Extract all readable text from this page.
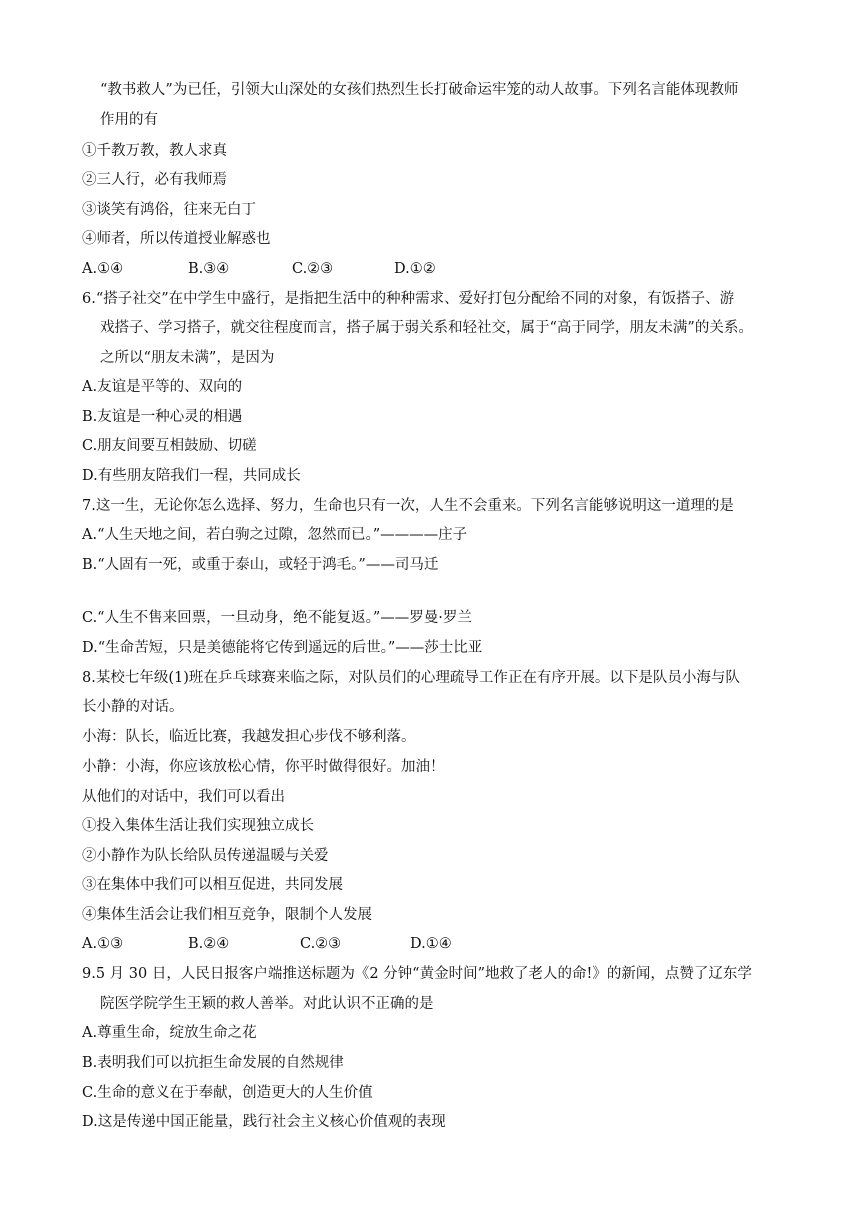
“教书救人”为已任，引领大山深处的女孩们热烈生长打破命运牢笼的动人故事。下列名言能体现教师
作用的有
①千教万教，教人求真
②三人行，必有我师焉
③谈笑有鸿俗，往来无白丁
④师者，所以传道授业解惑也
A.①④	B.③④	C.②③	D.①②
6.“搭子社交”在中学生中盛行，是指把生活中的种种需求、爱好打包分配给不同的对象，有饭搭子、游
戏搭子、学习搭子，就交往程度而言，搭子属于弱关系和轻社交，属于“高于同学，朋友未满”的关系。
之所以“朋友未满”，是因为
A.友谊是平等的、双向的
B.友谊是一种心灵的相遇
C.朋友间要互相鼓励、切磋
D.有些朋友陪我们一程，共同成长
7.这一生，无论你怎么选择、努力，生命也只有一次，人生不会重来。下列名言能够说明这一道理的是
A.“人生天地之间，若白驹之过隙，忽然而已。”————庄子
B.“人固有一死，或重于泰山，或轻于鸿毛。”——司马迁
C.“人生不售来回票，一旦动身，绝不能复返。”——罗曼·罗兰
D.“生命苦短，只是美德能将它传到遥远的后世。”——莎士比亚
8.某校七年级(1)班在乒乓球赛来临之际，对队员们的心理疏导工作正在有序开展。以下是队员小海与队
长小静的对话。
小海：队长，临近比赛，我越发担心步伐不够利落。
小静：小海，你应该放松心情，你平时做得很好。加油！
从他们的对话中，我们可以看出
①投入集体生活让我们实现独立成长
②小静作为队长给队员传递温暖与关爱
③在集体中我们可以相互促进，共同发展
④集体生活会让我们相互竞争，限制个人发展
A.①③	B.②④	C.②③	D.①④
9.5 月 30 日，人民日报客户端推送标题为《2 分钟“黄金时间”地救了老人的命!》的新闻，点赞了辽东学
院医学院学生王颖的救人善举。对此认识不正确的是
A.尊重生命，绽放生命之花
B.表明我们可以抗拒生命发展的自然规律
C.生命的意义在于奉献，创造更大的人生价值
D.这是传递中国正能量，践行社会主义核心价值观的表现
